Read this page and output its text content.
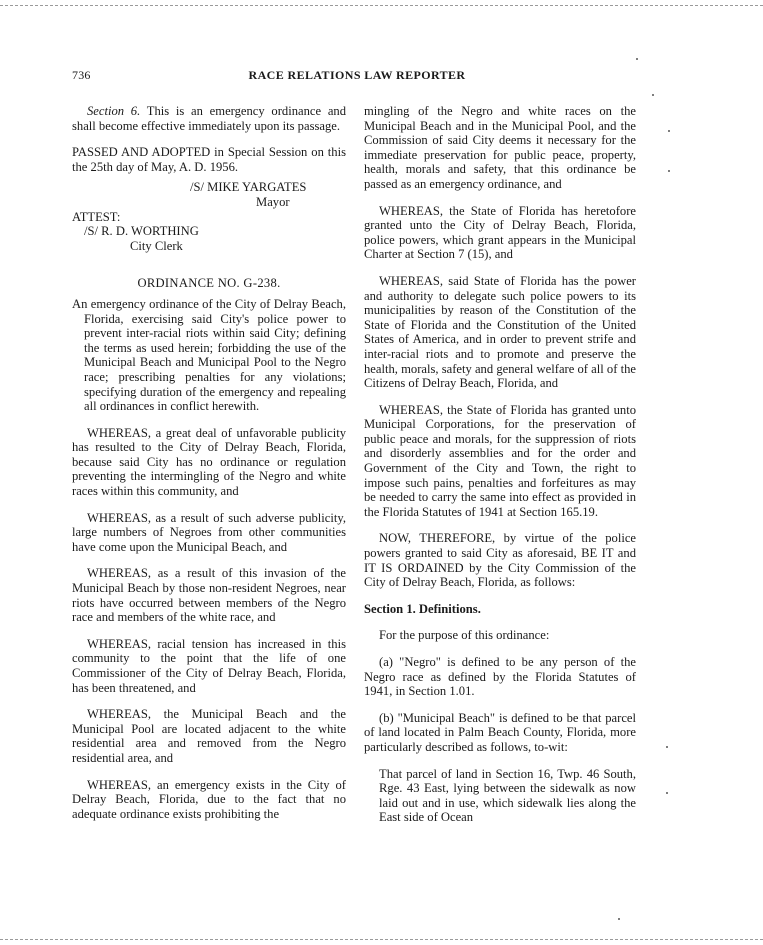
736	RACE RELATIONS LAW REPORTER

Section 6. This is an emergency ordinance and shall become effective immediately upon its passage.

PASSED AND ADOPTED in Special Session on this the 25th day of May, A. D. 1956.

/S/ MIKE YARGATES

Mayor

ATTEST:

/S/ R. D. WORTHING

City Clerk

ORDINANCE NO. G-238.

An emergency ordinance of the City of Delray Beach, Florida, exercising said City's police power to prevent inter-racial riots within said City; defining the terms as used herein; forbidding the use of the Municipal Beach and Municipal Pool to the Negro race; prescribing penalties for any violations; specifying duration of the emergency and repealing all ordinances in conflict herewith.

WHEREAS, a great deal of unfavorable publicity has resulted to the City of Delray Beach, Florida, because said City has no ordinance or regulation preventing the intermingling of the Negro and white races within this community, and

WHEREAS, as a result of such adverse publicity, large numbers of Negroes from other communities have come upon the Municipal Beach, and

WHEREAS, as a result of this invasion of the Municipal Beach by those non-resident Negroes, near riots have occurred between members of the Negro race and members of the white race, and

WHEREAS, racial tension has increased in this community to the point that the life of one Commissioner of the City of Delray Beach, Florida, has been threatened, and

WHEREAS, the Municipal Beach and the Municipal Pool are located adjacent to the white residential area and removed from the Negro residential area, and

WHEREAS, an emergency exists in the City of Delray Beach, Florida, due to the fact that no adequate ordinance exists prohibiting the

mingling of the Negro and white races on the Municipal Beach and in the Municipal Pool, and the Commission of said City deems it necessary for the immediate preservation for public peace, property, health, morals and safety, that this ordinance be passed as an emergency ordinance, and

WHEREAS, the State of Florida has heretofore granted unto the City of Delray Beach, Florida, police powers, which grant appears in the Municipal Charter at Section 7 (15), and

WHEREAS, said State of Florida has the power and authority to delegate such police powers to its municipalities by reason of the Constitution of the State of Florida and the Constitution of the United States of America, and in order to prevent strife and inter-racial riots and to promote and preserve the health, morals, safety and general welfare of all of the Citizens of Delray Beach, Florida, and

WHEREAS, the State of Florida has granted unto Municipal Corporations, for the preservation of public peace and morals, for the suppression of riots and disorderly assemblies and for the order and Government of the City and Town, the right to impose such pains, penalties and forfeitures as may be needed to carry the same into effect as provided in the Florida Statutes of 1941 at Section 165.19.

NOW, THEREFORE, by virtue of the police powers granted to said City as aforesaid, BE IT and IT IS ORDAINED by the City Commission of the City of Delray Beach, Florida, as follows:

Section 1. Definitions.

For the purpose of this ordinance:

(a) "Negro" is defined to be any person of the Negro race as defined by the Florida Statutes of 1941, in Section 1.01.

(b) "Municipal Beach" is defined to be that parcel of land located in Palm Beach County, Florida, more particularly described as follows, to-wit:

That parcel of land in Section 16, Twp. 46 South, Rge. 43 East, lying between the sidewalk as now laid out and in use, which sidewalk lies along the East side of Ocean
